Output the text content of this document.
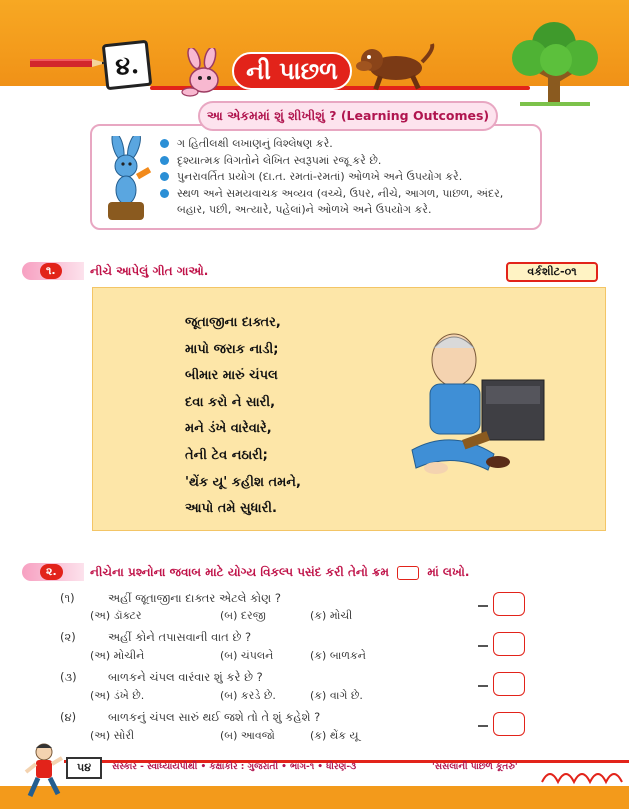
૪.	ની પાછળ
આ એકમમાં શું શીખીશું ? (Learning Outcomes)
ગ હિતીલક્ષી લખાણનું વિશ્લેષણ કરે.
દૃશ્યાત્મક વિગતોને લેખિત સ્વરૂપમાં રજૂ કરે છે.
પુનરાવર્તિત પ્રયોગ (દા.ત. રમતાં-રમતાં) ઓળખે અને ઉપયોગ કરે.
સ્થળ અને સમયવાચક અવ્યવ (વચ્ચે, ઉપર, નીચે, આગળ, પાછળ, અંદર,
બહાર, પછી, અત્યારે, પહેલાં)ને ઓળખે અને ઉપયોગ કરે.
૧.	નીચે આપેલું ગીત ગાઓ.	વર્કશીટ-૦૧
જૂતાજીના દાક્તર,
માપો જરાક નાડી;
બીમાર મારું ચંપલ
દવા કરો ને સારી,
મને ડંખે વારેવારે,
તેની ટેવ નઠારી;
'થેંક યૂ' કહીશ તમને,
આપો તમે સુધારી.
૨.	નીચેના પ્રશ્નોના જવાબ માટે યોગ્ય વિકલ્પ પસંદ કરી તેનો ક્રમ	માં લખો.
(૧)	અહીં જૂતાજીના દાક્તર એટલે કોણ ?
(અ) ડૉક્ટર	(બ) દરજી	(ક) મોચી
(૨)	અહીં કોને તપાસવાની વાત છે ?
(અ) મોચીને	(બ) ચંપલને	(ક) બાળકને
(૩)	બાળકને ચંપલ વારંવાર શું કરે છે ?
(અ) ડંખે છે.	(બ) કરડે છે.	(ક) વાગે છે.
(૪)	બાળકનું ચંપલ સારું થઈ જશે તો તે શું કહેશે ?
(અ) સોરી	(બ) આવજો	(ક) થેંક યૂ
૫૪	સંસ્કાર - સ્વાધ્યાયપોથી • કક્ષાકોર : ગુજરાતી • ભાગ-૧ • ધોરણ-૩	'સસલાની પાછળ કૂતરું'
